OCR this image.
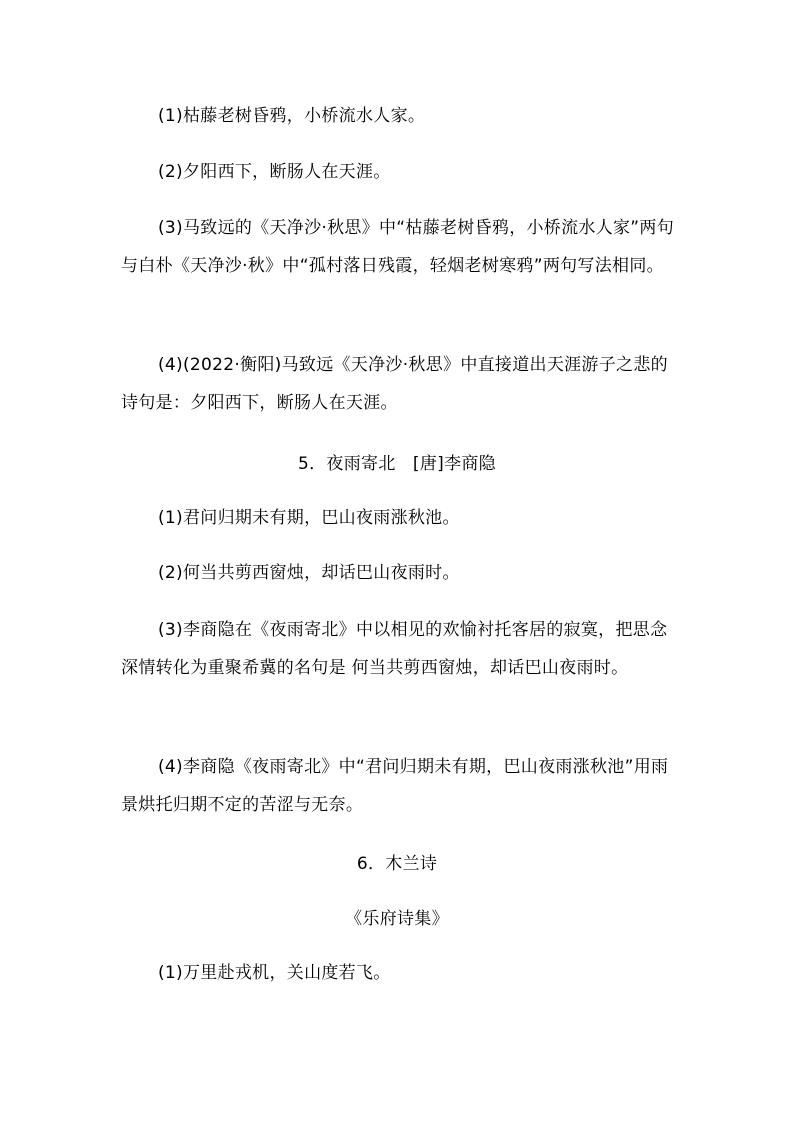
(1)枯藤老树昏鸦，小桥流水人家。

(2)夕阳西下，断肠人在天涯。

(3)马致远的《天净沙·秋思》中“枯藤老树昏鸦，小桥流水人家”两句与白朴《天净沙·秋》中“孤村落日残霞，轻烟老树寒鸦”两句写法相同。

(4)(2022·衡阳)马致远《天净沙·秋思》中直接道出天涯游子之悲的诗句是：夕阳西下，断肠人在天涯。

5．夜雨寄北　[唐]李商隐

(1)君问归期未有期，巴山夜雨涨秋池。

(2)何当共剪西窗烛，却话巴山夜雨时。

(3)李商隐在《夜雨寄北》中以相见的欢愉衬托客居的寂寞，把思念深情转化为重聚希冀的名句是 何当共剪西窗烛，却话巴山夜雨时。

(4)李商隐《夜雨寄北》中“君问归期未有期，巴山夜雨涨秋池”用雨景烘托归期不定的苦涩与无奈。

6．木兰诗

《乐府诗集》

(1)万里赴戎机，关山度若飞。
